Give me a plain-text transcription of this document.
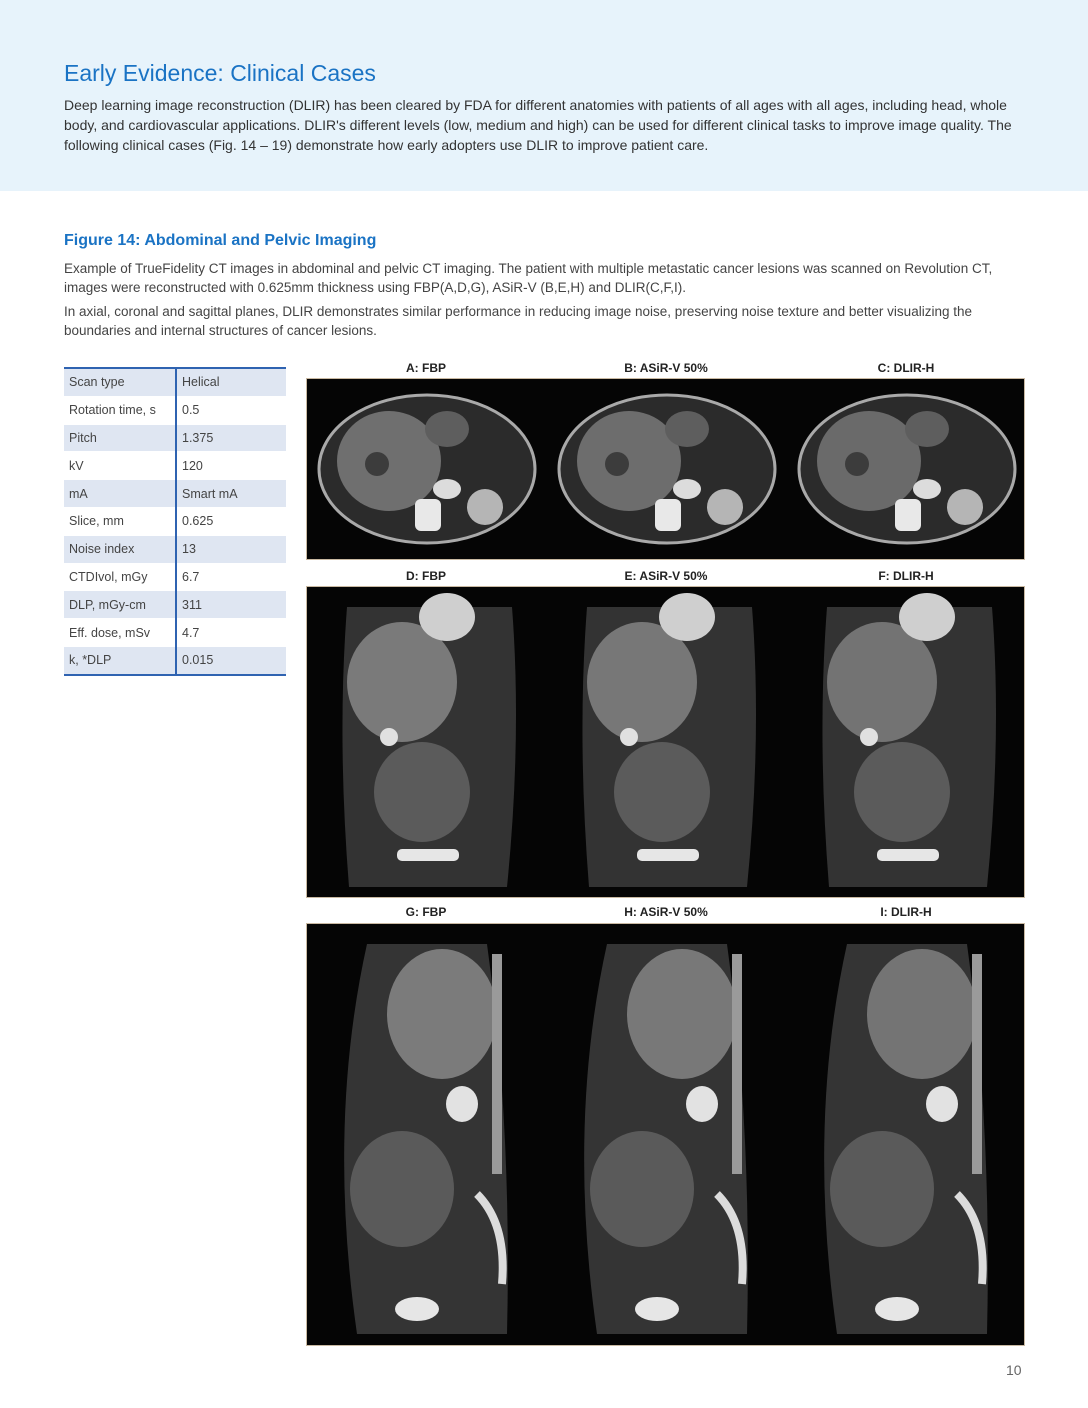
Early Evidence: Clinical Cases
Deep learning image reconstruction (DLIR) has been cleared by FDA for different anatomies with patients of all ages with all ages, including head, whole body, and cardiovascular applications. DLIR's different levels (low, medium and high) can be used for different clinical tasks to improve image quality. The following clinical cases (Fig. 14 – 19) demonstrate how early adopters use DLIR to improve patient care.
Figure 14: Abdominal and Pelvic Imaging
Example of TrueFidelity CT images in abdominal and pelvic CT imaging. The patient with multiple metastatic cancer lesions was scanned on Revolution CT, images were reconstructed with 0.625mm thickness using FBP(A,D,G), ASiR-V (B,E,H) and DLIR(C,F,I).
In axial, coronal and sagittal planes, DLIR demonstrates similar performance in reducing image noise, preserving noise texture and better visualizing the boundaries and internal structures of cancer lesions.
Scan type	Helical
Rotation time, s	0.5
Pitch	1.375
kV	120
mA	Smart mA
Slice, mm	0.625
Noise index	13
CTDIvol, mGy	6.7
DLP, mGy-cm	311
Eff. dose, mSv	4.7
k, *DLP	0.015
A: FBP	B: ASiR-V 50%	C: DLIR-H
D: FBP	E: ASiR-V 50%	F: DLIR-H
G: FBP	H: ASiR-V 50%	I: DLIR-H
10
